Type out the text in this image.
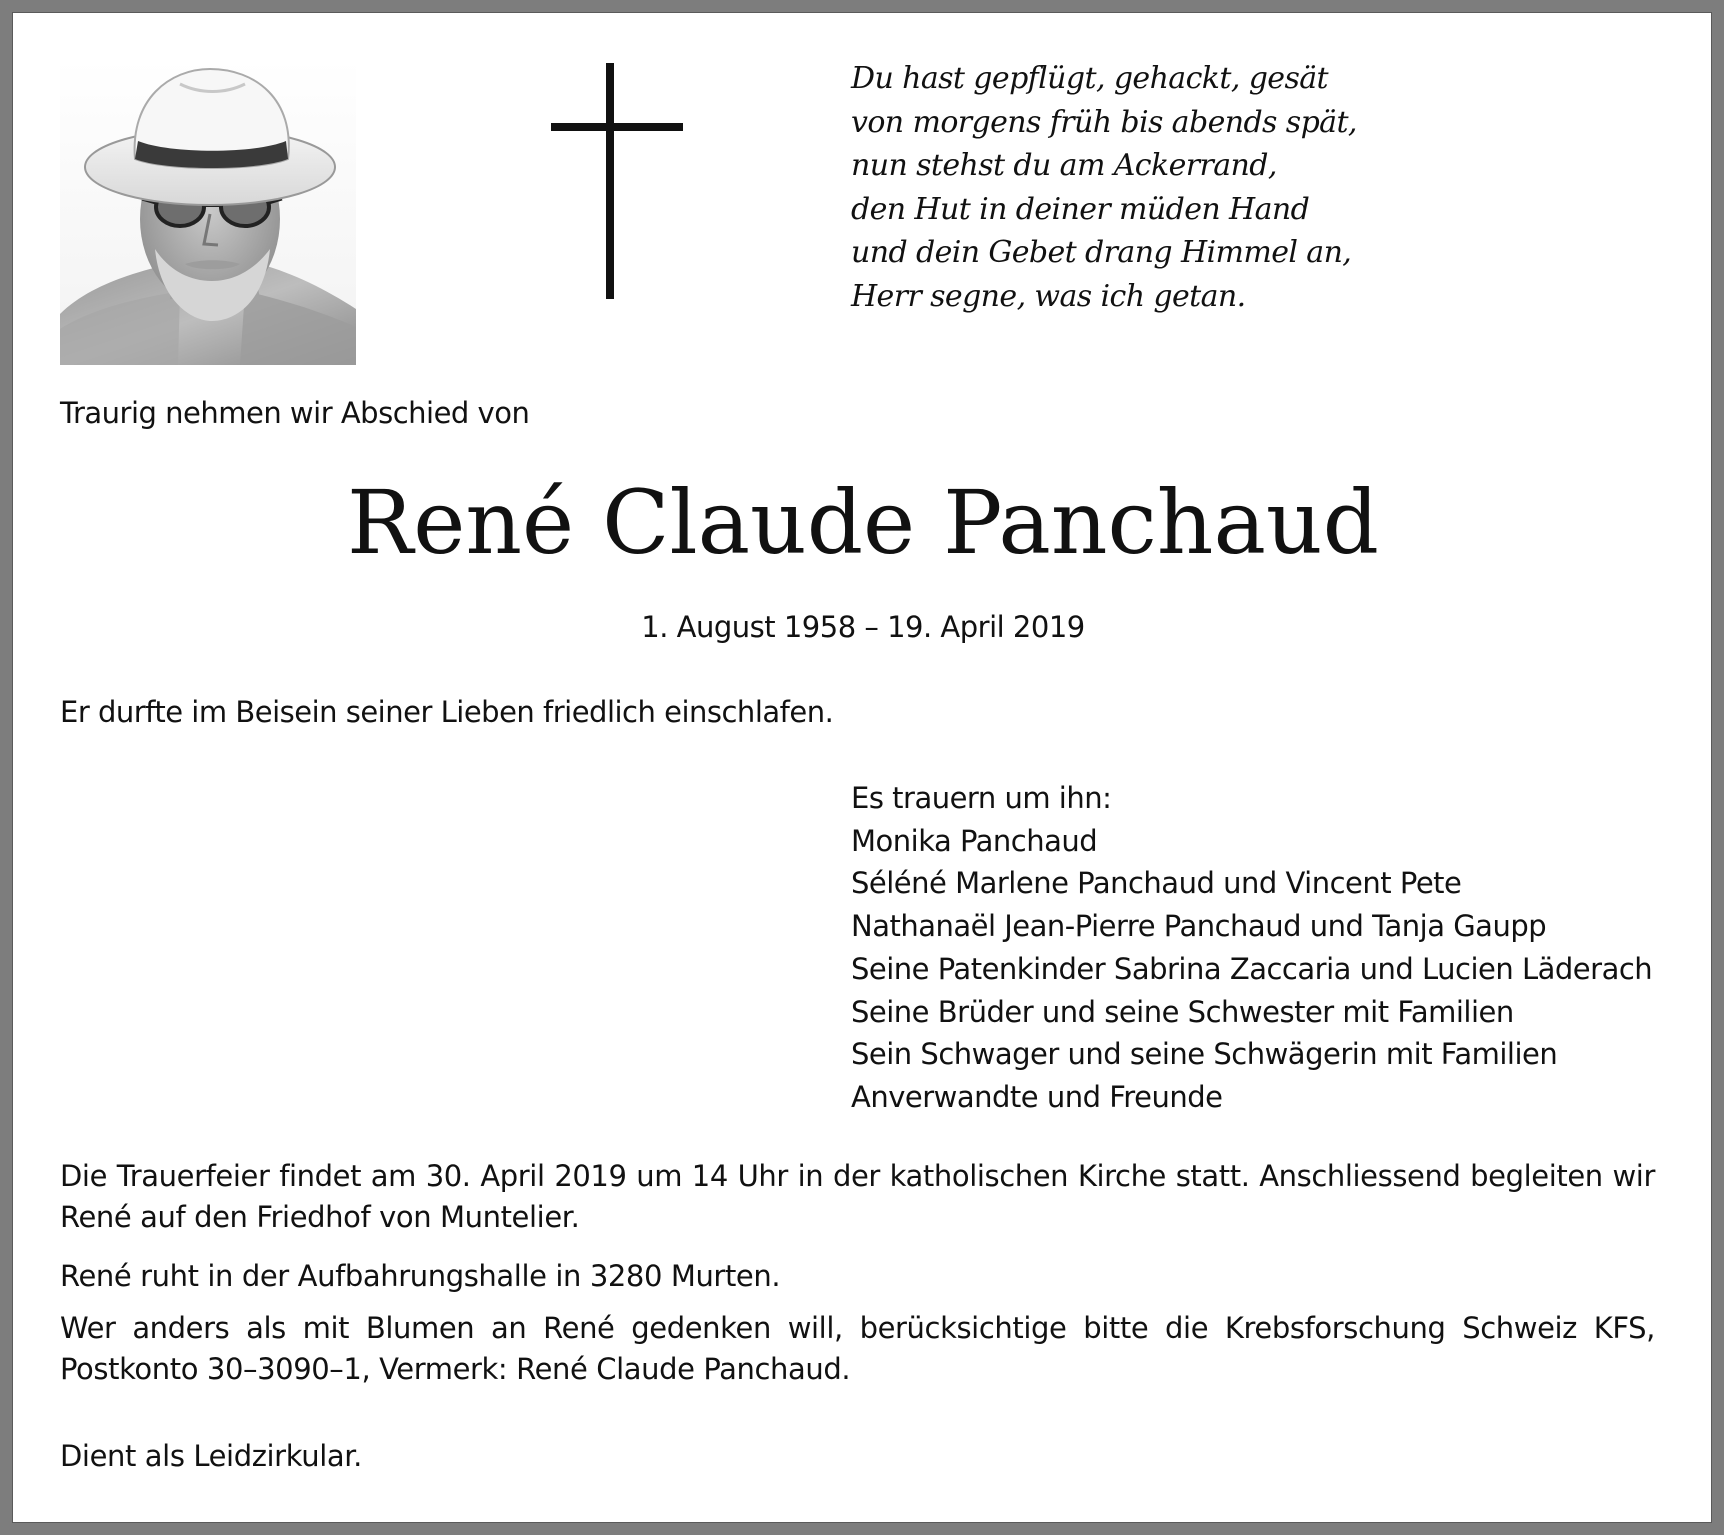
Du hast gepflügt, gehackt, gesät
von morgens früh bis abends spät,
nun stehst du am Ackerrand,
den Hut in deiner müden Hand
und dein Gebet drang Himmel an,
Herr segne, was ich getan.
Traurig nehmen wir Abschied von
René Claude Panchaud
1. August 1958 – 19. April 2019
Er durfte im Beisein seiner Lieben friedlich einschlafen.
Es trauern um ihn:
Monika Panchaud
Séléné Marlene Panchaud und Vincent Pete
Nathanaël Jean-Pierre Panchaud und Tanja Gaupp
Seine Patenkinder Sabrina Zaccaria und Lucien Läderach
Seine Brüder und seine Schwester mit Familien
Sein Schwager und seine Schwägerin mit Familien
Anverwandte und Freunde

Die Trauerfeier findet am 30. April 2019 um 14 Uhr in der katholischen Kirche statt. Anschliessend begleiten wir René auf den Friedhof von Muntelier.

René ruht in der Aufbahrungshalle in 3280 Murten.

Wer anders als mit Blumen an René gedenken will, berücksichtige bitte die Krebsforschung Schweiz KFS, Postkonto 30–3090–1, Vermerk: René Claude Panchaud.

Dient als Leidzirkular.
